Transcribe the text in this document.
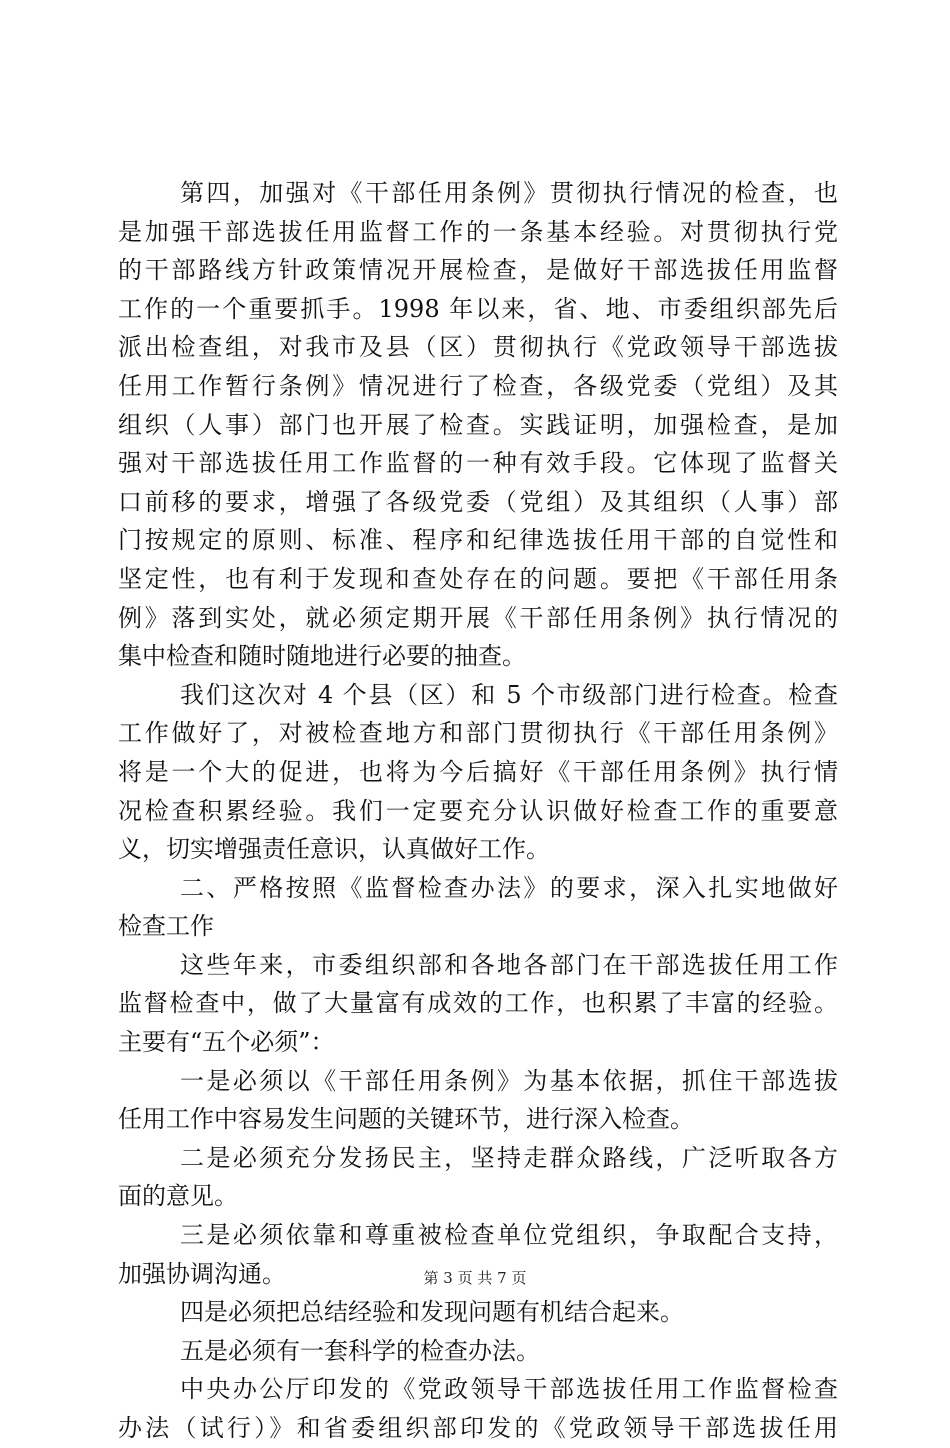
第四，加强对《干部任用条例》贯彻执行情况的检查，也
是加强干部选拔任用监督工作的一条基本经验。对贯彻执行党
的干部路线方针政策情况开展检查，是做好干部选拔任用监督
工作的一个重要抓手。1998 年以来，省、地、市委组织部先后
派出检查组，对我市及县（区）贯彻执行《党政领导干部选拔
任用工作暂行条例》情况进行了检查，各级党委（党组）及其
组织（人事）部门也开展了检查。实践证明，加强检查，是加
强对干部选拔任用工作监督的一种有效手段。它体现了监督关
口前移的要求，增强了各级党委（党组）及其组织（人事）部
门按规定的原则、标准、程序和纪律选拔任用干部的自觉性和
坚定性，也有利于发现和查处存在的问题。要把《干部任用条
例》落到实处，就必须定期开展《干部任用条例》执行情况的
集中检查和随时随地进行必要的抽查。
我们这次对 4 个县（区）和 5 个市级部门进行检查。检查
工作做好了，对被检查地方和部门贯彻执行《干部任用条例》
将是一个大的促进，也将为今后搞好《干部任用条例》执行情
况检查积累经验。我们一定要充分认识做好检查工作的重要意
义，切实增强责任意识，认真做好工作。
二、严格按照《监督检查办法》的要求，深入扎实地做好
检查工作
这些年来，市委组织部和各地各部门在干部选拔任用工作
监督检查中，做了大量富有成效的工作，也积累了丰富的经验。
主要有“五个必须”：
一是必须以《干部任用条例》为基本依据，抓住干部选拔
任用工作中容易发生问题的关键环节，进行深入检查。
二是必须充分发扬民主，坚持走群众路线，广泛听取各方
面的意见。
三是必须依靠和尊重被检查单位党组织，争取配合支持，
加强协调沟通。
四是必须把总结经验和发现问题有机结合起来。
五是必须有一套科学的检查办法。
中央办公厅印发的《党政领导干部选拔任用工作监督检查
办法（试行）》和省委组织部印发的《党政领导干部选拔任用
第 3 页 共 7 页
